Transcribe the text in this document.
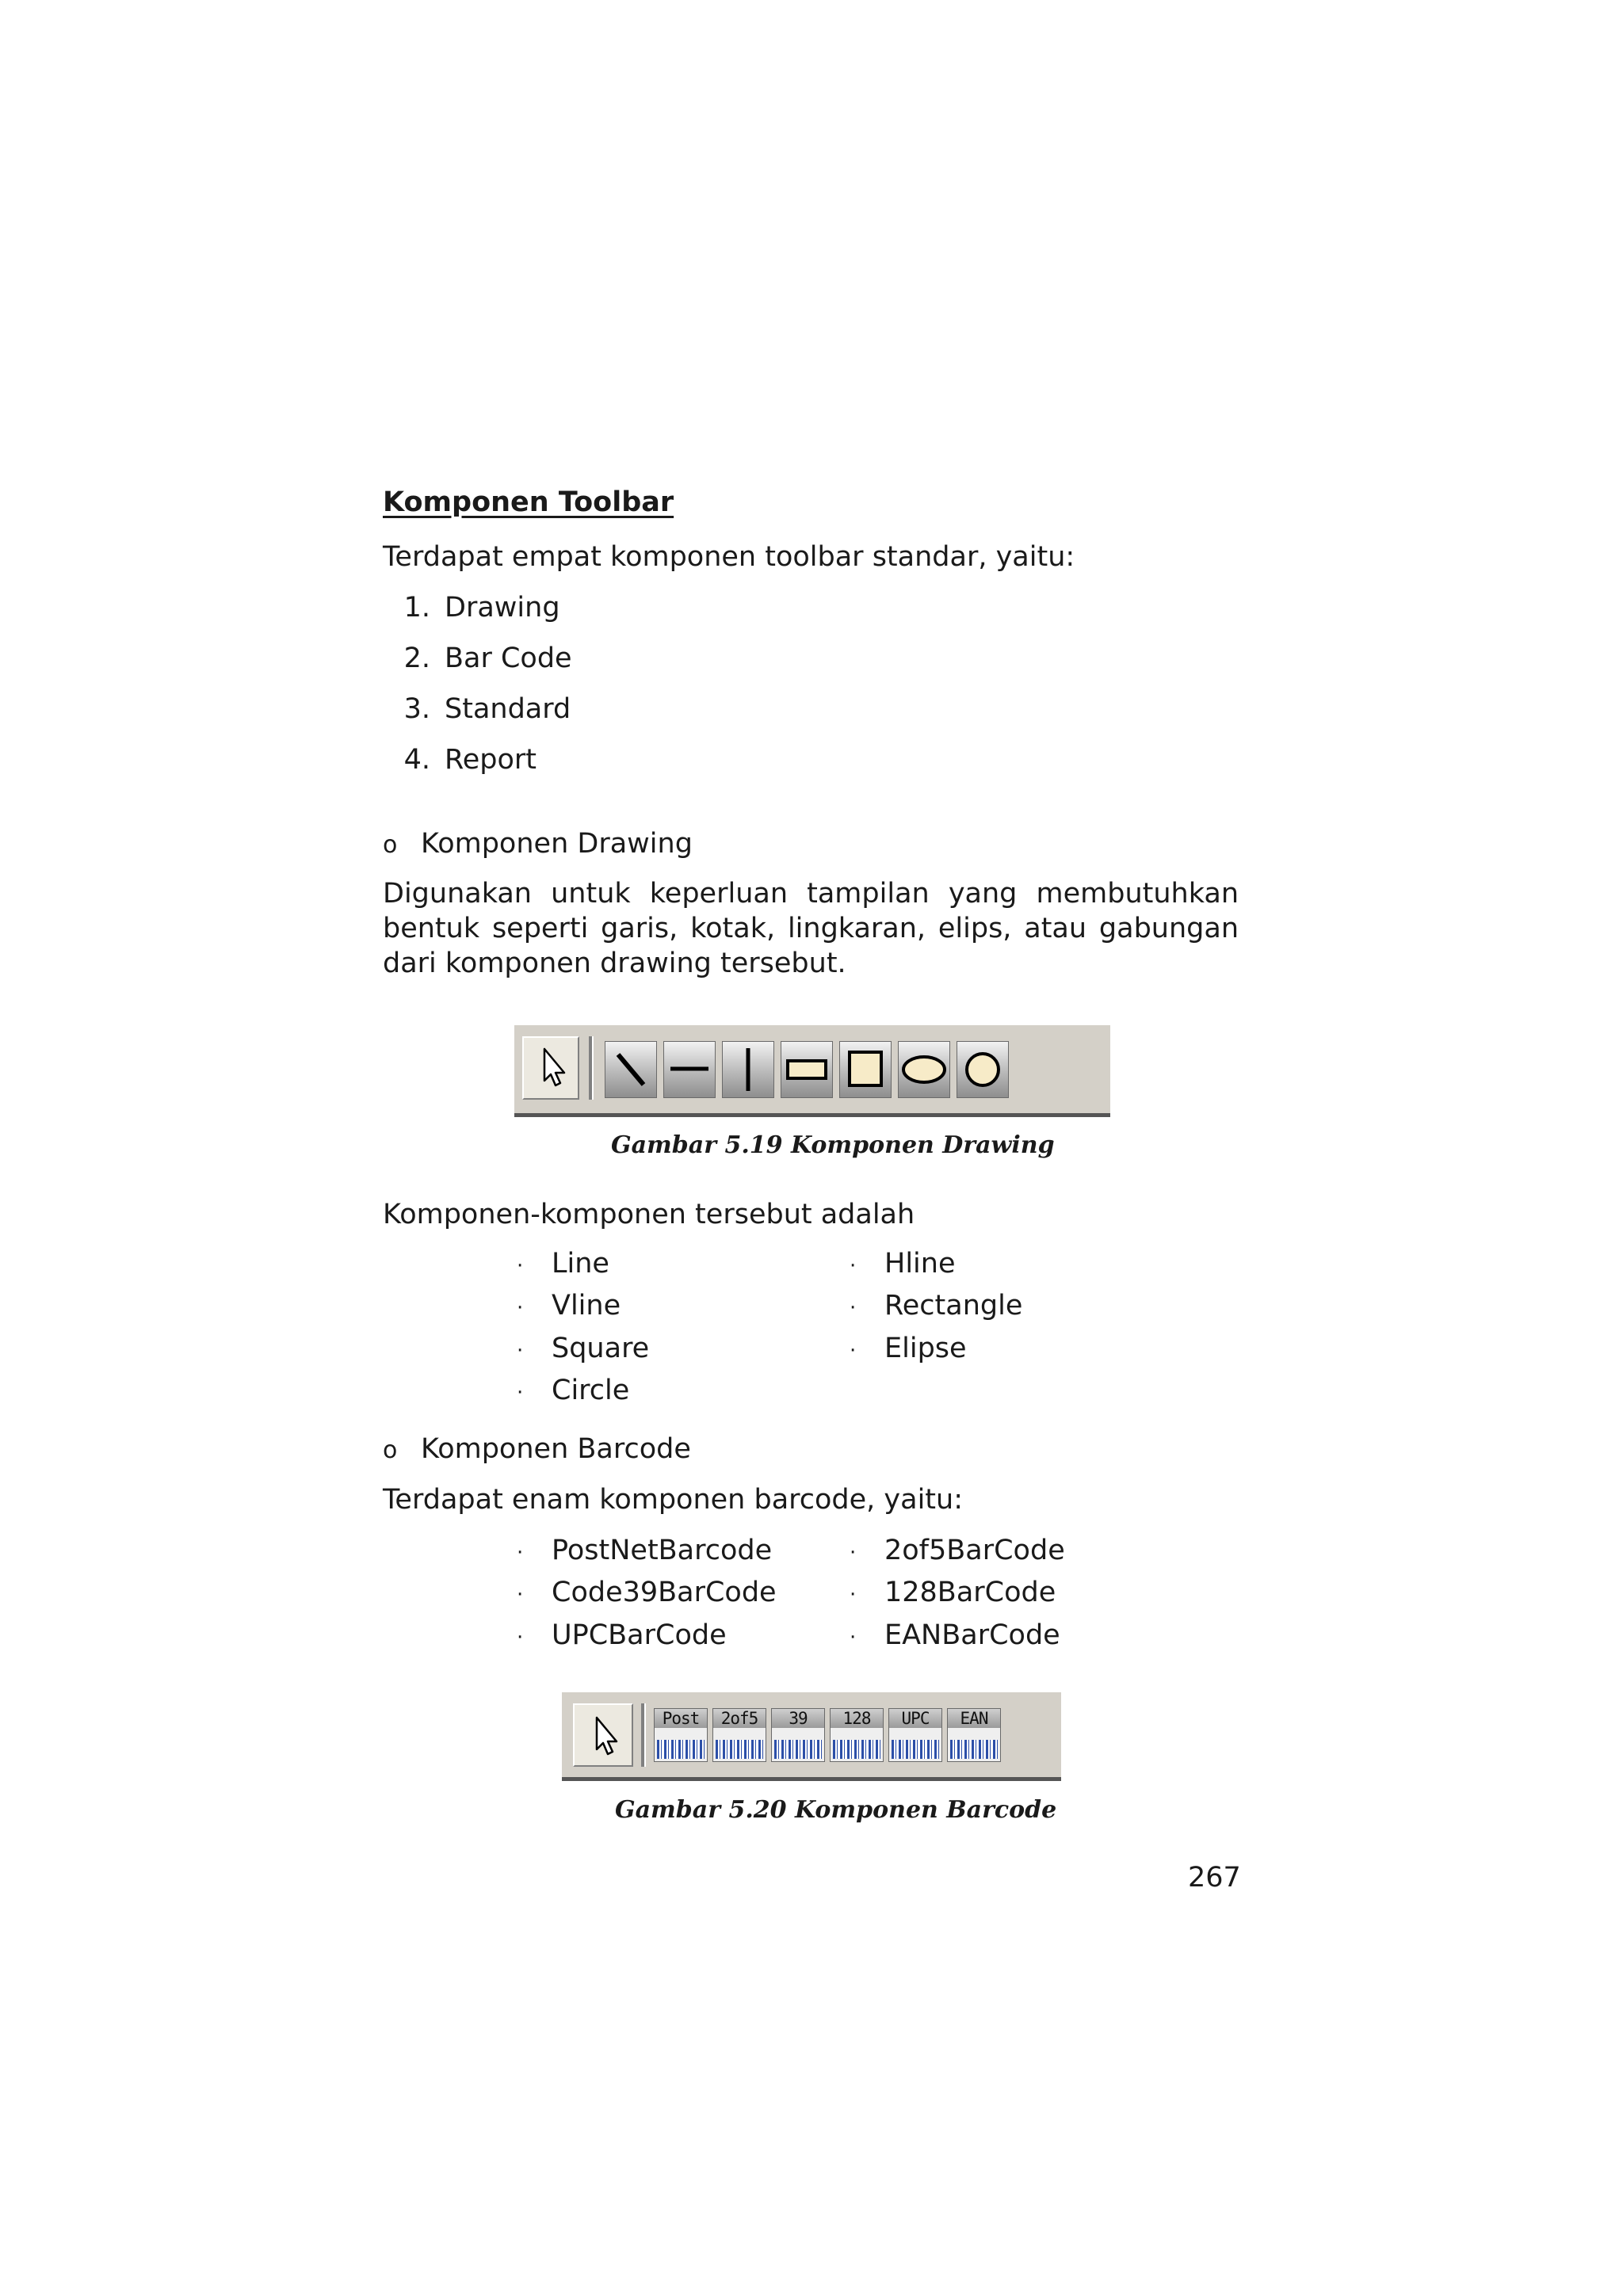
Komponen Toolbar
Terdapat empat komponen toolbar standar, yaitu:
1. Drawing
2. Bar Code
3. Standard
4. Report
o Komponen Drawing

Digunakan untuk keperluan tampilan yang membutuhkan bentuk seperti garis, kotak, lingkaran, elips, atau gabungan dari komponen drawing tersebut.

Gambar 5.19 Komponen Drawing
Komponen-komponen tersebut adalah
· Line
· Vline
· Square
· Circle
· Hline
· Rectangle
· Elipse
o Komponen Barcode
Terdapat enam komponen barcode, yaitu:
· PostNetBarcode
· Code39BarCode
· UPCBarCode
· 2of5BarCode
· 128BarCode
· EANBarCode
Post	2of5	39	128	UPC	EAN
Gambar 5.20 Komponen Barcode
267
